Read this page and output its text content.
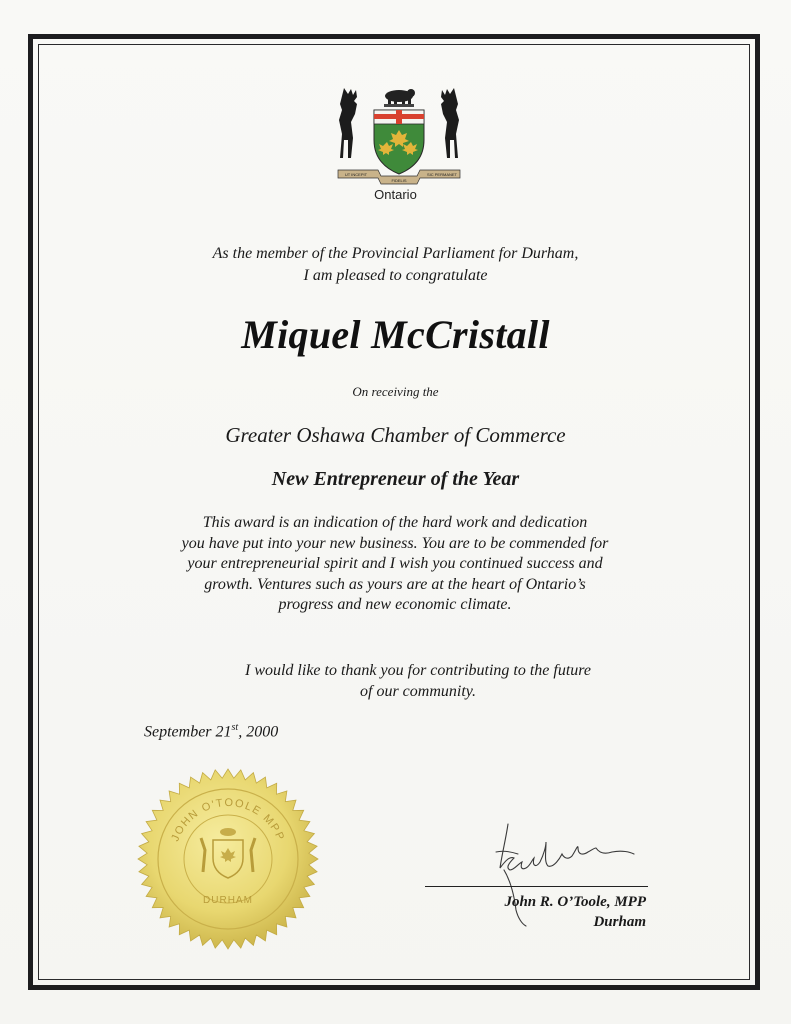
UT INCEPIT
FIDELIS
SIC PERMANET
Ontario
As the member of the Provincial Parliament for Durham,
I am pleased to congratulate
Miquel McCristall
On receiving the
Greater Oshawa Chamber of Commerce
New Entrepreneur of the Year
This award is an indication of the hard work and dedication
you have put into your new business. You are to be commended for
your entrepreneurial spirit and I wish you continued success and
growth. Ventures such as yours are at the heart of Ontario’s
progress and new economic climate.
I would like to thank you for contributing to the future
of our community.
September 21st, 2000
JOHN O'TOOLE MPP
DURHAM	John R. O’Toole, MPP
Durham
